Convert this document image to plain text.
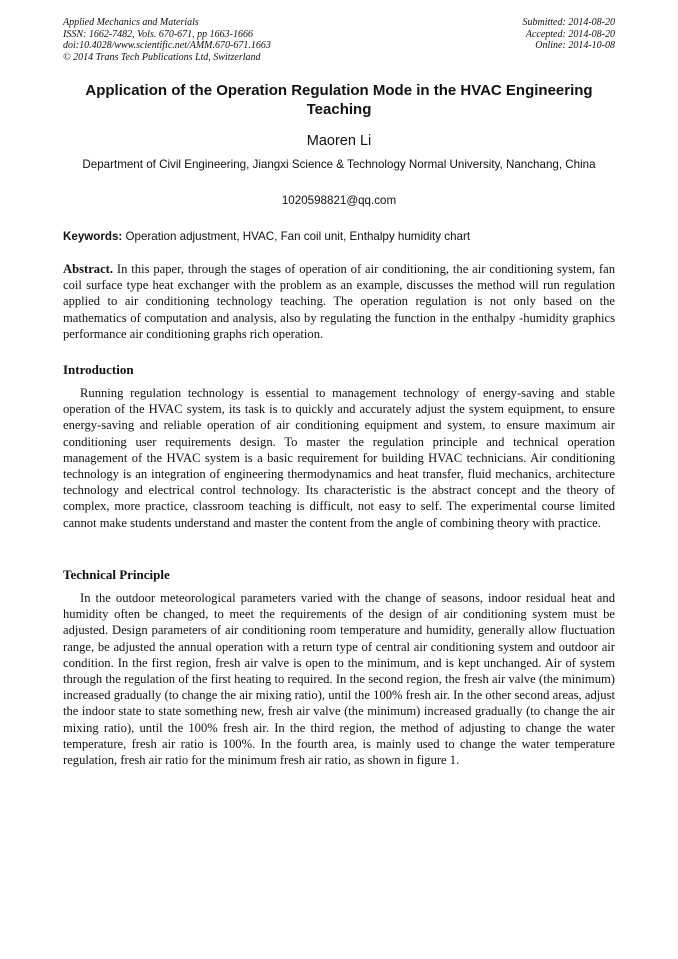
Applied Mechanics and Materials
ISSN: 1662-7482, Vols. 670-671, pp 1663-1666
doi:10.4028/www.scientific.net/AMM.670-671.1663
© 2014 Trans Tech Publications Ltd, Switzerland
Submitted: 2014-08-20
Accepted: 2014-08-20
Online: 2014-10-08
Application of the Operation Regulation Mode in the HVAC Engineering Teaching
Maoren Li
Department of Civil Engineering, Jiangxi Science & Technology Normal University, Nanchang, China
1020598821@qq.com
Keywords: Operation adjustment, HVAC, Fan coil unit, Enthalpy humidity chart
Abstract. In this paper, through the stages of operation of air conditioning, the air conditioning system, fan coil surface type heat exchanger with the problem as an example, discusses the method will run regulation applied to air conditioning technology teaching. The operation regulation is not only based on the mathematics of computation and analysis, also by regulating the function in the enthalpy -humidity graphics performance air conditioning graphs rich operation.
Introduction
Running regulation technology is essential to management technology of energy-saving and stable operation of the HVAC system, its task is to quickly and accurately adjust the system equipment, to ensure energy-saving and reliable operation of air conditioning equipment and system, to ensure maximum air conditioning user requirements design. To master the regulation principle and technical operation management of the HVAC system is a basic requirement for building HVAC technicians. Air conditioning technology is an integration of engineering thermodynamics and heat transfer, fluid mechanics, architecture technology and electrical control technology. Its characteristic is the abstract concept and the theory of complex, more practice, classroom teaching is difficult, not easy to self. The experimental course limited cannot make students understand and master the content from the angle of combining theory with practice.
Technical Principle
In the outdoor meteorological parameters varied with the change of seasons, indoor residual heat and humidity often be changed, to meet the requirements of the design of air conditioning system must be adjusted. Design parameters of air conditioning room temperature and humidity, generally allow fluctuation range, be adjusted the annual operation with a return type of central air conditioning system and outdoor air condition. In the first region, fresh air valve is open to the minimum, and is kept unchanged. Air of system through the regulation of the first heating to required. In the second region, the fresh air valve (the minimum) increased gradually (to change the air mixing ratio), until the 100% fresh air. In the other second areas, adjust the indoor state to state something new, fresh air valve (the minimum) increased gradually (to change the air mixing ratio), until the 100% fresh air. In the third region, the method of adjusting to change the water temperature, fresh air ratio is 100%. In the fourth area, is mainly used to change the water temperature regulation, fresh air ratio for the minimum fresh air ratio, as shown in figure 1.
